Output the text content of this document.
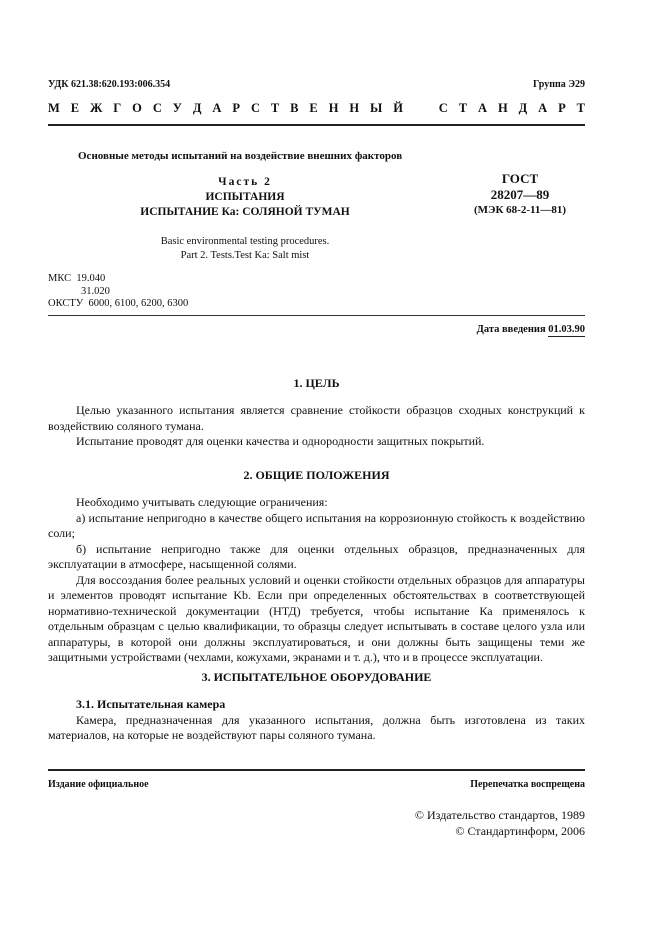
УДК 621.38:620.193:006.354	Группа Э29
М Е Ж Г О С У Д А Р С Т В Е Н Н Ы Й	С Т А Н Д А Р Т
Основные методы испытаний на воздействие внешних факторов
Часть 2
ИСПЫТАНИЯ
ИСПЫТАНИЕ Ка: СОЛЯНОЙ ТУМАН
Basic environmental testing procedures.
Part 2. Tests.Test Ka: Salt mist
ГОСТ
28207—89
(МЭК 68-2-11—81)
МКС 19.040
31.020
ОКСТУ 6000, 6100, 6200, 6300
Дата введения 01.03.90
1. ЦЕЛЬ

Целью указанного испытания является сравнение стойкости образцов сходных конструкций к воздействию соляного тумана.

Испытание проводят для оценки качества и однородности защитных покрытий.

2. ОБЩИЕ ПОЛОЖЕНИЯ

Необходимо учитывать следующие ограничения:

а) испытание непригодно в качестве общего испытания на коррозионную стойкость к воздействию соли;

б) испытание непригодно также для оценки отдельных образцов, предназначенных для эксплуатации в атмосфере, насыщенной солями.

Для воссоздания более реальных условий и оценки стойкости отдельных образцов для аппаратуры и элементов проводят испытание Kb. Если при определенных обстоятельствах в соответствующей нормативно-технической документации (НТД) требуется, чтобы испытание Ка применялось к отдельным образцам с целью квалификации, то образцы следует испытывать в составе целого узла или аппаратуры, в которой они должны эксплуатироваться, и они должны быть защищены теми же защитными устройствами (чехлами, кожухами, экранами и т. д.), что и в процессе эксплуатации.

3. ИСПЫТАТЕЛЬНОЕ ОБОРУДОВАНИЕ

3.1. Испытательная камера

Камера, предназначенная для указанного испытания, должна быть изготовлена из таких материалов, на которые не воздействуют пары соляного тумана.

Издание официальное	Перепечатка воспрещена
© Издательство стандартов, 1989
© Стандартинформ, 2006
